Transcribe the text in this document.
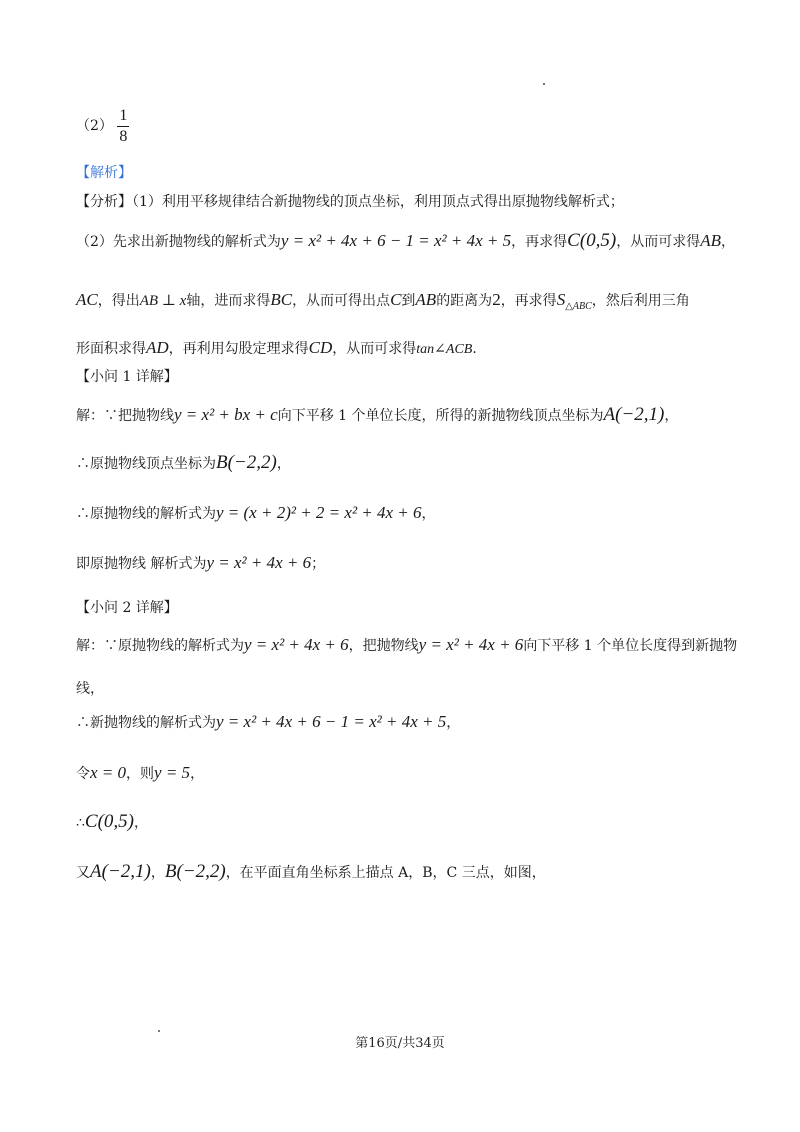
$(2) \frac{1}{8}$
【解析】
【分析】（1）利用平移规律结合新抛物线的顶点坐标，利用顶点式得出原抛物线解析式；
（2）先求出新抛物线的解析式为y = x² + 4x + 6 − 1 = x² + 4x + 5，再求得C(0,5)，从而可求得AB，
AC，得出AB ⊥ x轴，进而求得BC，从而可得出点C到AB的距离为2，再求得$S_{\triangle ABC}$，然后利用三角
形面积求得AD，再利用勾股定理求得CD，从而可求得tan∠ACB.
【小问 1 详解】
解：∵把抛物线y = x² + bx + c向下平移 1 个单位长度，所得的新抛物线顶点坐标为A(−2,1)，
∴原抛物线顶点坐标为B(−2,2)，
∴原抛物线的解析式为y = (x + 2)² + 2 = x² + 4x + 6，
即原抛物线 解析式为y = x² + 4x + 6；
【小问 2 详解】
解：∵原抛物线的解析式为y = x² + 4x + 6，把抛物线y = x² + 4x + 6向下平移 1 个单位长度得到新抛物
线，
∴新抛物线的解析式为y = x² + 4x + 6 − 1 = x² + 4x + 5，
令x = 0，则y = 5，
∴C(0,5)，
又A(−2,1)，B(−2,2)，在平面直角坐标系上描点 A，B，C 三点，如图，
第16页/共34页
